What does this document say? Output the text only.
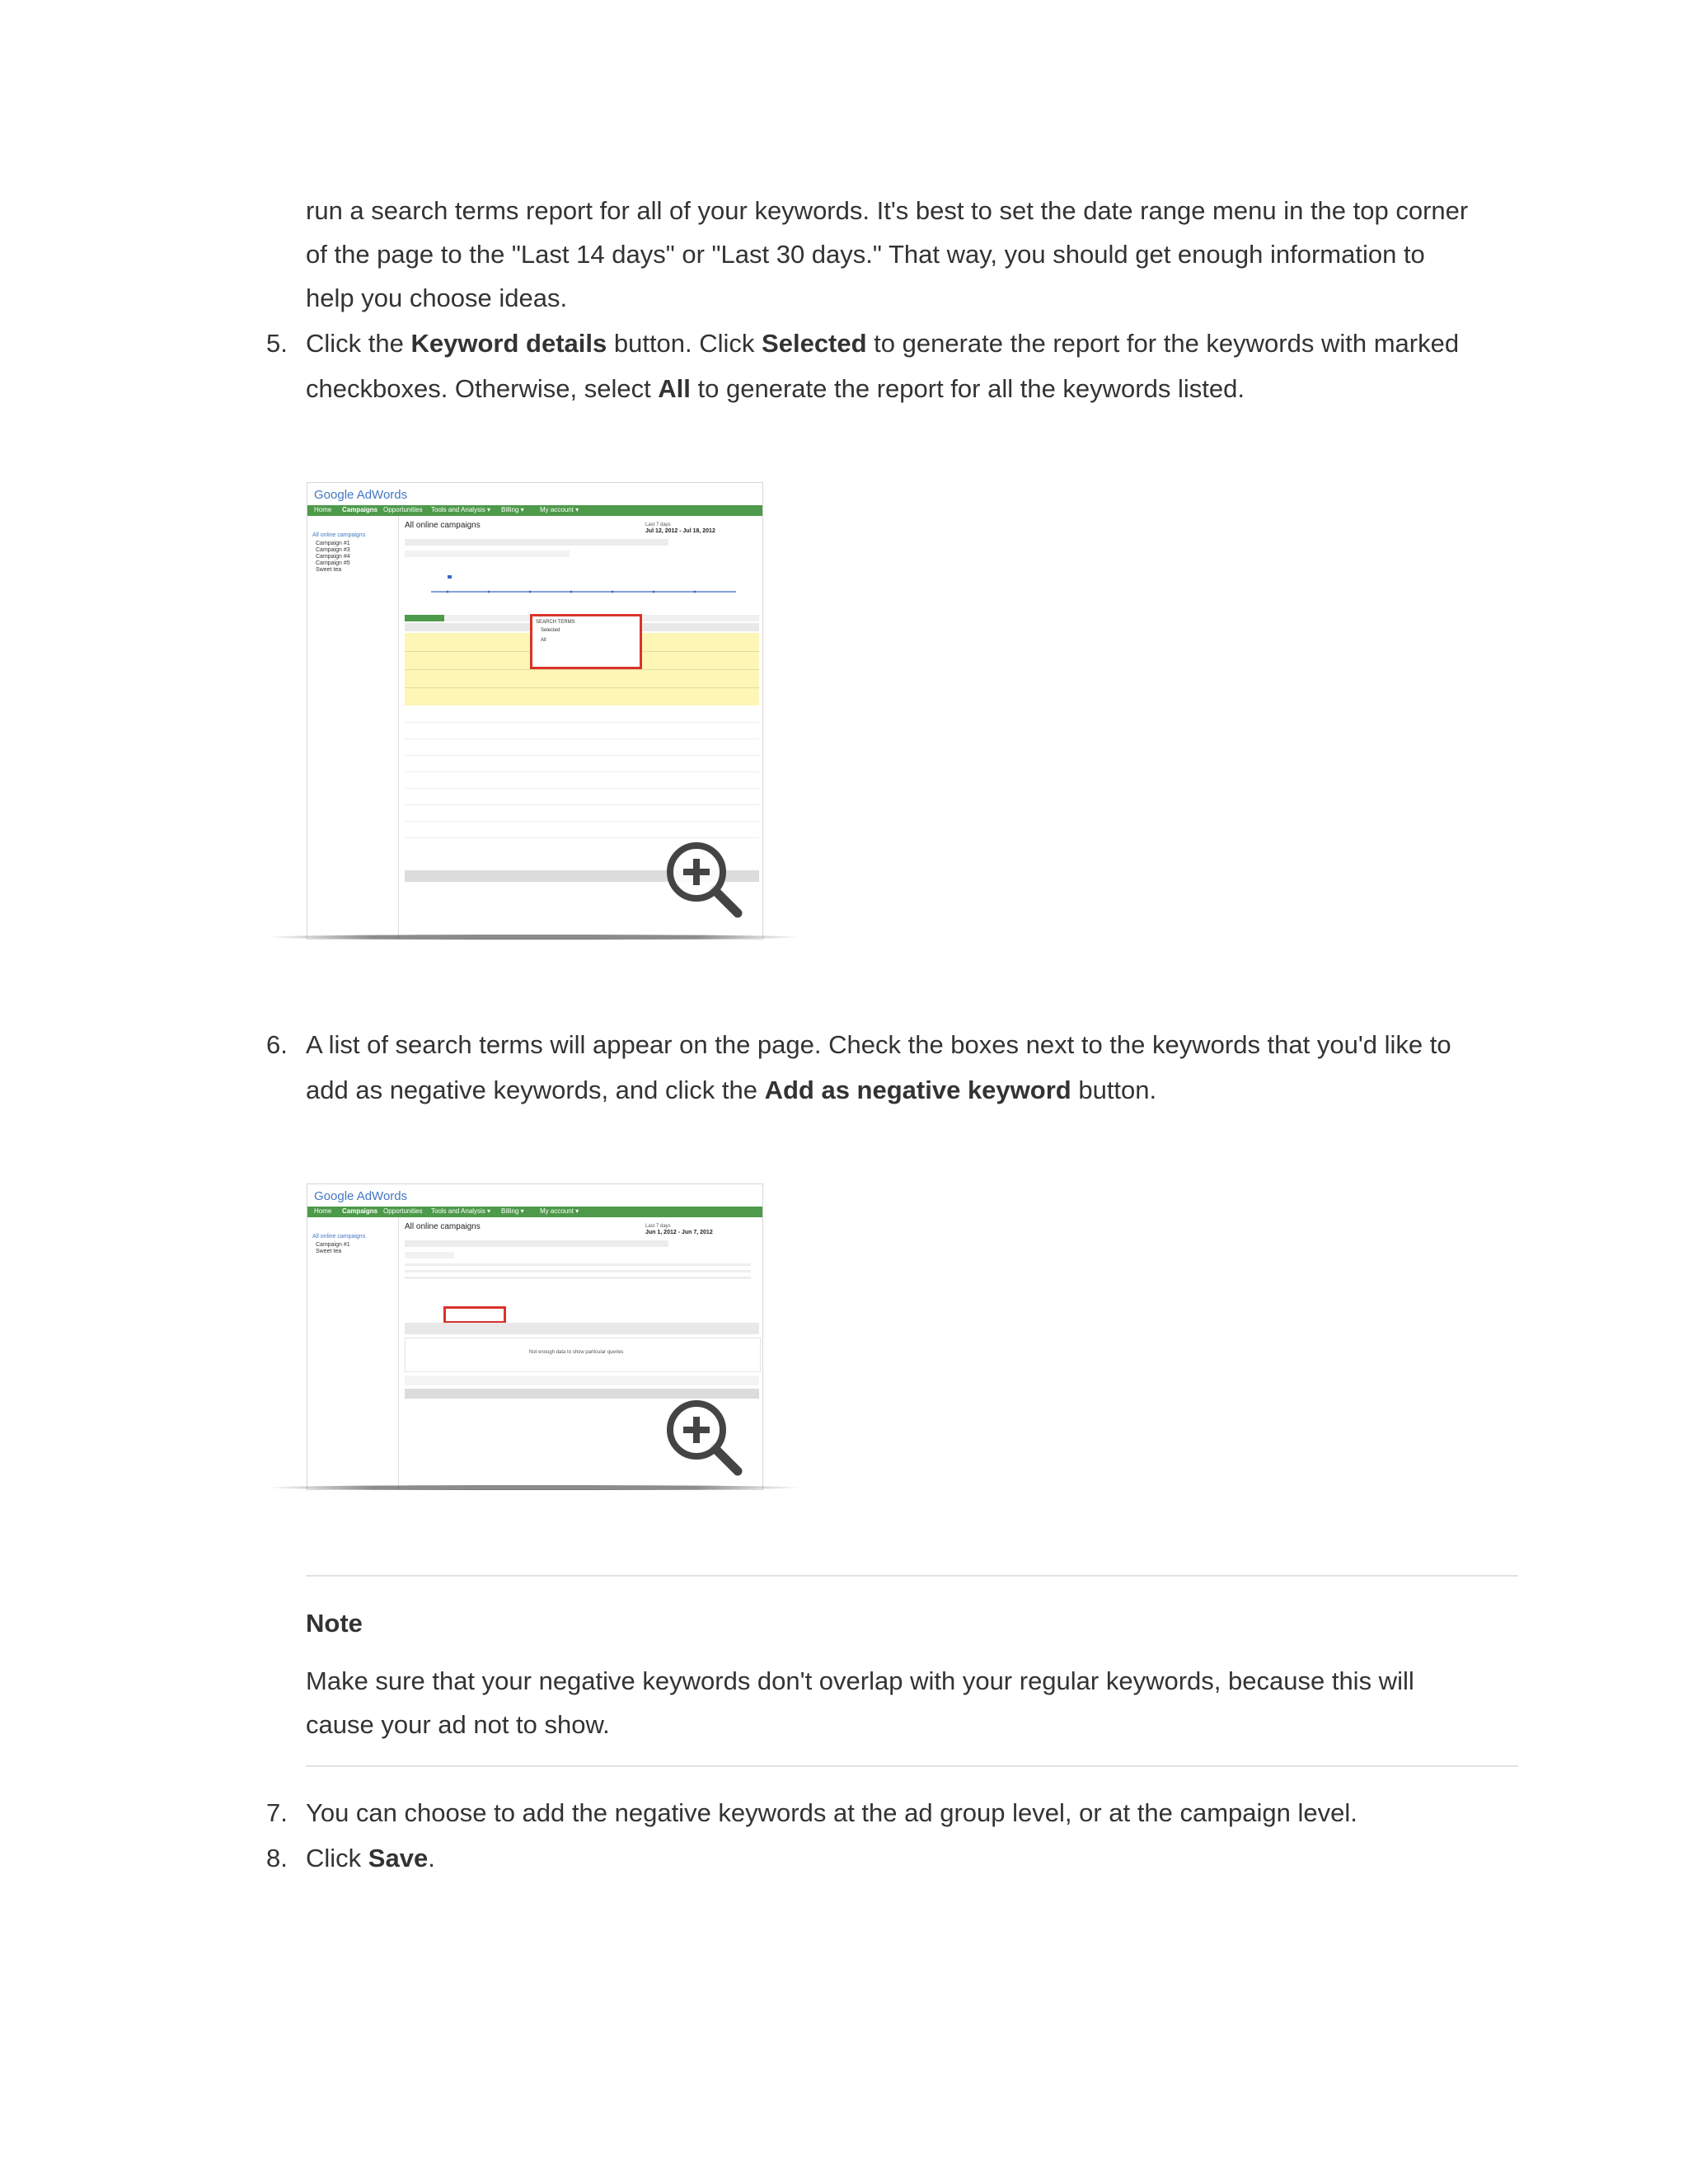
run a search terms report for all of your keywords. It's best to set the date range menu in the top corner

of the page to the "Last 14 days" or "Last 30 days." That way, you should get enough information to

help you choose ideas.

5. Click the Keyword details button. Click Selected to generate the report for the keywords with marked

checkboxes. Otherwise, select All to generate the report for all the keywords listed.

Google AdWords
Home Campaigns Opportunities Tools and Analysis ▾ Billing ▾ My account ▾
All online campaigns
Campaign #1
Campaign #3
Campaign #4
Campaign #5
Sweet tea
All online campaigns	Last 7 days
Jul 12, 2012 - Jul 18, 2012
SEARCH TERMS
Selected
All
6. A list of search terms will appear on the page. Check the boxes next to the keywords that you'd like to

add as negative keywords, and click the Add as negative keyword button.

Google AdWords
Home Campaigns Opportunities Tools and Analysis ▾ Billing ▾ My account ▾
All online campaigns
Campaign #1
Sweet tea
All online campaigns	Last 7 days
Jun 1, 2012 - Jun 7, 2012
Not enough data to show particular queries

Note

Make sure that your negative keywords don't overlap with your regular keywords, because this will

cause your ad not to show.

7. You can choose to add the negative keywords at the ad group level, or at the campaign level.

8. Click Save.
